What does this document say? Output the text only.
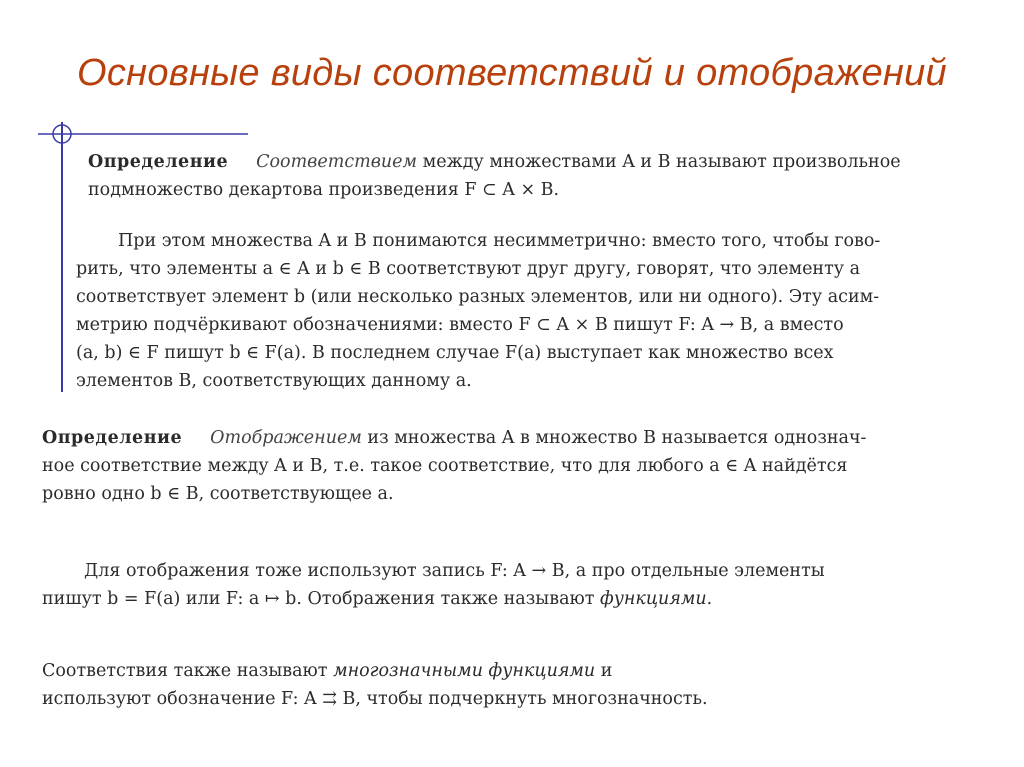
Основные виды соответствий и отображений
Определение Соответствием между множествами A и B называют произвольное
подмножество декартова произведения F ⊂ A × B.
При этом множества A и B понимаются несимметрично: вместо того, чтобы гово-
рить, что элементы a ∈ A и b ∈ B соответствуют друг другу, говорят, что элементу a
соответствует элемент b (или несколько разных элементов, или ни одного). Эту асим-
метрию подчёркивают обозначениями: вместо F ⊂ A × B пишут F: A → B, а вместо
(a, b) ∈ F пишут b ∈ F(a). В последнем случае F(a) выступает как множество всех
элементов B, соответствующих данному a.
Определение Отображением из множества A в множество B называется однознач-
ное соответствие между A и B, т.е. такое соответствие, что для любого a ∈ A найдётся
ровно одно b ∈ B, соответствующее a.
Для отображения тоже используют запись F: A → B, а про отдельные элементы
пишут b = F(a) или F: a ↦ b. Отображения также называют функциями.
Соответствия также называют многозначными функциями и
используют обозначение F: A ⇉ B, чтобы подчеркнуть многозначность.
